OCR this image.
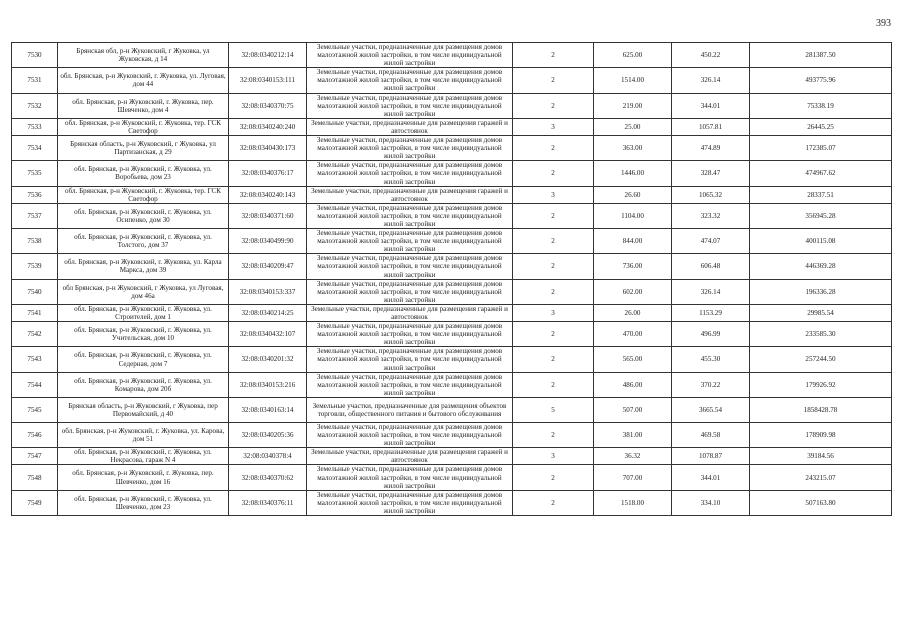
393
7530	Брянская обл, р-н Жуковский, г Жуковка, ул Жуковская, д 14	32:08:0340212:14	Земельные участки, предназначенные для размещения домов малоэтажной жилой застройки, в том числе индивидуальной жилой застройки	2	625.00	450.22	281387.50
7531	обл. Брянская, р-н Жуковский, г. Жуковка, ул. Луговая, дом 44	32:08:0340153:111	Земельные участки, предназначенные для размещения домов малоэтажной жилой застройки, в том числе индивидуальной жилой застройки	2	1514.00	326.14	493775.96
7532	обл. Брянская, р-н Жуковский, г. Жуковка, пер. Шевченко, дом 4	32:08:0340370:75	Земельные участки, предназначенные для размещения домов малоэтажной жилой застройки, в том числе индивидуальной жилой застройки	2	219.00	344.01	75338.19
7533	обл. Брянская, р-н Жуковский, г. Жуковка, тер. ГСК Светофор	32:08:0340240:240	Земельные участки, предназначенные для размещения гаражей и автостоянок	3	25.00	1057.81	26445.25
7534	Брянская область, р-н Жуковский, г Жуковка, ул Партизанская, д 29	32:08:0340430:173	Земельные участки, предназначенные для размещения домов малоэтажной жилой застройки, в том числе индивидуальной жилой застройки	2	363.00	474.89	172385.07
7535	обл. Брянская, р-н Жуковский, г. Жуковка, ул. Воробьева, дом 23	32:08:0340376:17	Земельные участки, предназначенные для размещения домов малоэтажной жилой застройки, в том числе индивидуальной жилой застройки	2	1446.00	328.47	474967.62
7536	обл. Брянская, р-н Жуковский, г. Жуковка, тер. ГСК Светофор	32:08:0340240:143	Земельные участки, предназначенные для размещения гаражей и автостоянок	3	26.60	1065.32	28337.51
7537	обл. Брянская, р-н Жуковский, г. Жуковка, ул. Осипенко, дом 30	32:08:0340371:60	Земельные участки, предназначенные для размещения домов малоэтажной жилой застройки, в том числе индивидуальной жилой застройки	2	1104.00	323.32	356945.28
7538	обл. Брянская, р-н Жуковский, г. Жуковка, ул. Толстого, дом 37	32:08:0340499:90	Земельные участки, предназначенные для размещения домов малоэтажной жилой застройки, в том числе индивидуальной жилой застройки	2	844.00	474.07	400115.08
7539	обл. Брянская, р-н Жуковский, г. Жуковка, ул. Карла Маркса, дом 39	32:08:0340209:47	Земельные участки, предназначенные для размещения домов малоэтажной жилой застройки, в том числе индивидуальной жилой застройки	2	736.00	606.48	446369.28
7540	обл Брянская, р-н Жуковский, г Жуковка, ул Луговая, дом 46а	32:08:0340153:337	Земельные участки, предназначенные для размещения домов малоэтажной жилой застройки, в том числе индивидуальной жилой застройки	2	602.00	326.14	196336.28
7541	обл. Брянская, р-н Жуковский, г. Жуковка, ул. Строителей, дом 1	32:08:0340214:25	Земельные участки, предназначенные для размещения гаражей и автостоянок	3	26.00	1153.29	29985.54
7542	обл. Брянская, р-н Жуковский, г. Жуковка, ул. Учительская, дом 10	32:08:0340432:107	Земельные участки, предназначенные для размещения домов малоэтажной жилой застройки, в том числе индивидуальной жилой застройки	2	470.00	496.99	233585.30
7543	обл. Брянская, р-н Жуковский, г. Жуковка, ул. Седерная, дом 7	32:08:0340201:32	Земельные участки, предназначенные для размещения домов малоэтажной жилой застройки, в том числе индивидуальной жилой застройки	2	565.00	455.30	257244.50
7544	обл. Брянская, р-н Жуковский, г. Жуковка, ул. Комарова, дом 20б	32:08:0340153:216	Земельные участки, предназначенные для размещения домов малоэтажной жилой застройки, в том числе индивидуальной жилой застройки	2	486.00	370.22	179926.92
7545	Брянская область, р-н Жуковский, г Жуковка, пер Первомайский, д 40	32:08:0340163:14	Земельные участки, предназначенные для размещения объектов торговли, общественного питания и бытового обслуживания	5	507.00	3665.54	1858428.78
7546	обл. Брянская, р-н Жуковский, г. Жуковка, ул. Карова, дом 51	32:08:0340205:36	Земельные участки, предназначенные для размещения домов малоэтажной жилой застройки, в том числе индивидуальной жилой застройки	2	381.00	469.58	178909.98
7547	обл. Брянская, р-н Жуковский, г. Жуковка, ул. Некрасова, гараж N 4	32:08:0340378:4	Земельные участки, предназначенные для размещения гаражей и автостоянок	3	36.32	1078.87	39184.56
7548	обл. Брянская, р-н Жуковский, г. Жуковка, пер. Шевченко, дом 16	32:08:0340370:62	Земельные участки, предназначенные для размещения домов малоэтажной жилой застройки, в том числе индивидуальной жилой застройки	2	707.00	344.01	243215.07
7549	обл. Брянская, р-н Жуковский, г. Жуковка, ул. Шевченко, дом 23	32:08:0340376:11	Земельные участки, предназначенные для размещения домов малоэтажной жилой застройки, в том числе индивидуальной жилой застройки	2	1518.00	334.10	507163.80
